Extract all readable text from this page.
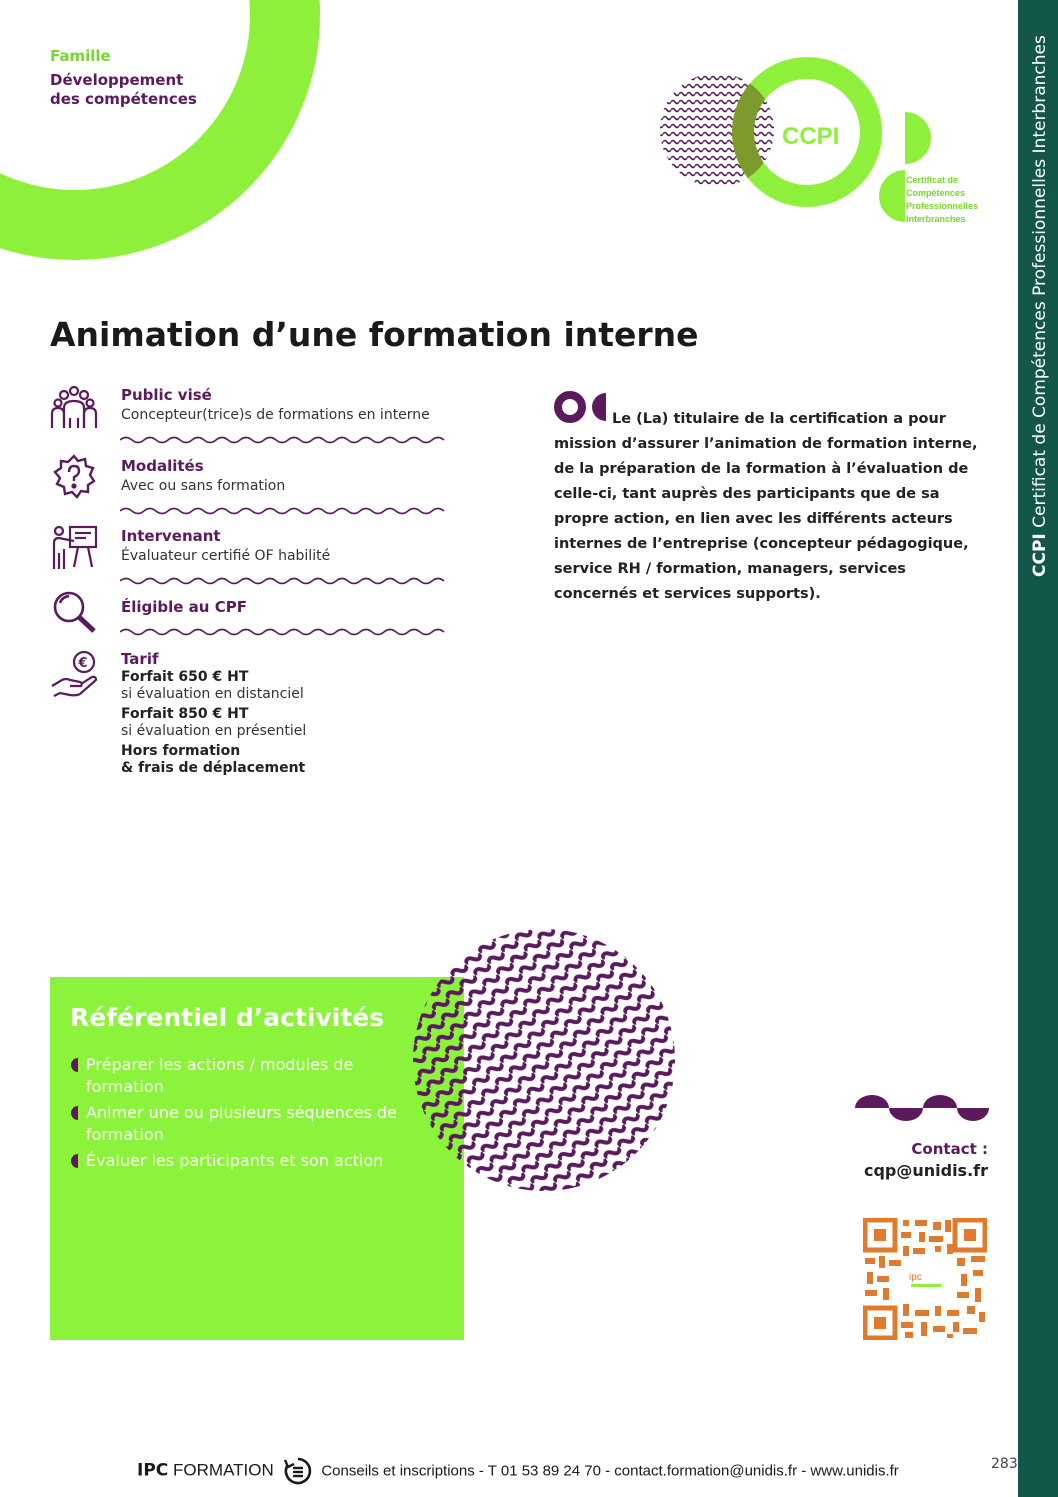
Famille
Développement
des compétences
CCPI
Certificat de
Compétences
Professionnelles
Interbranches
CCPI Certificat de Compétences Professionnelles Interbranches
Animation d’une formation interne
Public visé
Concepteur(trice)s de formations en interne
Modalités
Avec ou sans formation
Intervenant
Évaluateur certifié OF habilité
Éligible au CPF
€ Tarif
Forfait 650 € HT
si évaluation en distanciel
Forfait 850 € HT
si évaluation en présentiel
Hors formation
& frais de déplacement
Le (La) titulaire de la certification a pour mission d’assurer l’animation de formation interne, de la préparation de la formation à l’évaluation de celle-ci, tant auprès des participants que de sa propre action, en lien avec les différents acteurs internes de l’entreprise (concepteur pédagogique, service RH / formation, managers, services concernés et services supports).
Référentiel d’activités
Préparer les actions / modules de formation
Animer une ou plusieurs séquences de formation
Évaluer les participants et son action
Contact :
cqp@unidis.fr
ipc
IPC FORMATION	Conseils et inscriptions - T 01 53 89 24 70 - contact.formation@unidis.fr - www.unidis.fr	283
